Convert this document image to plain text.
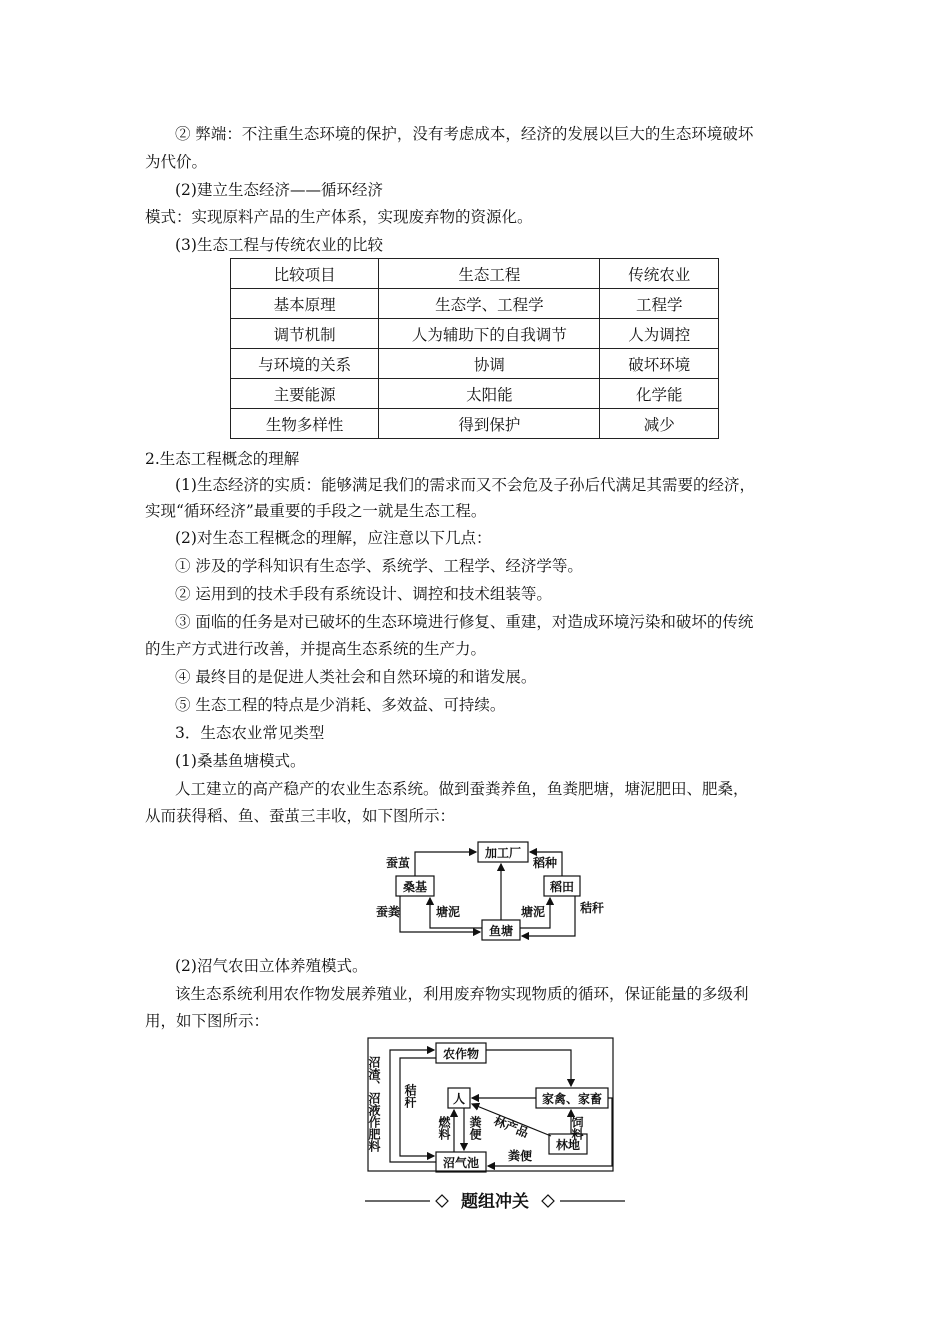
② 弊端：不注重生态环境的保护，没有考虑成本，经济的发展以巨大的生态环境破坏

为代价。

(2)建立生态经济——循环经济

模式：实现原料产品的生产体系，实现废弃物的资源化。

(3)生态工程与传统农业的比较

比较项目	生态工程	传统农业
基本原理	生态学、工程学	工程学
调节机制	人为辅助下的自我调节	人为调控
与环境的关系	协调	破坏环境
主要能源	太阳能	化学能
生物多样性	得到保护	减少

2.生态工程概念的理解

(1)生态经济的实质：能够满足我们的需求而又不会危及子孙后代满足其需要的经济，

实现“循环经济”最重要的手段之一就是生态工程。

(2)对生态工程概念的理解，应注意以下几点：

① 涉及的学科知识有生态学、系统学、工程学、经济学等。

② 运用到的技术手段有系统设计、调控和技术组装等。

③ 面临的任务是对已破坏的生态环境进行修复、重建，对造成环境污染和破坏的传统

的生产方式进行改善，并提高生态系统的生产力。

④ 最终目的是促进人类社会和自然环境的和谐发展。

⑤ 生态工程的特点是少消耗、多效益、可持续。

3．生态农业常见类型

(1)桑基鱼塘模式。

人工建立的高产稳产的农业生态系统。做到蚕粪养鱼，鱼粪肥塘，塘泥肥田、肥桑，

从而获得稻、鱼、蚕茧三丰收，如下图所示：

加工厂
桑基	稻田
鱼塘
蚕茧	稻种
蚕粪	塘泥	塘泥	秸秆

(2)沼气农田立体养殖模式。

该生态系统利用农作物发展养殖业，利用废弃物实现物质的循环，保证能量的多级利

用，如下图所示：

农作物
人	家禽、家畜
林地
沼气池
沼渣、沼液作肥料 秸秆
燃料 粪便 林产品	饲料
粪便
题组冲关
